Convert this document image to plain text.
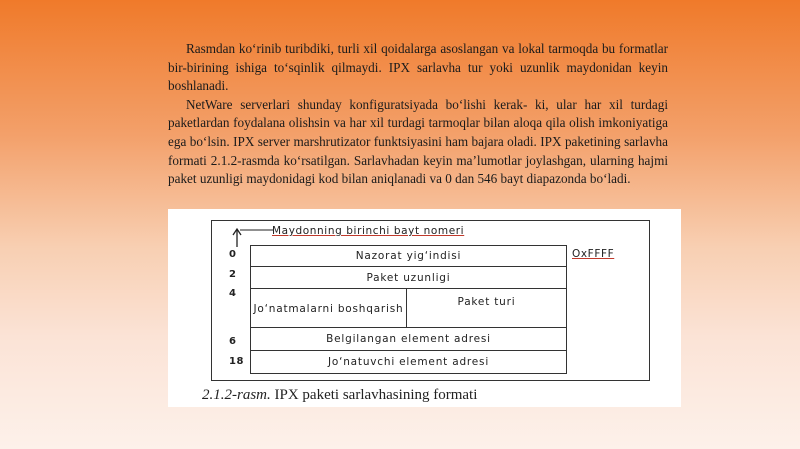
Rasmdan ko‘rinib turibdiki, turli xil qoidalarga asoslangan va lokal tarmoqda bu formatlar bir-birining ishiga to‘sqinlik qilmaydi. IPX sarlavha tur yoki uzunlik maydonidan keyin boshlanadi.

NetWare serverlari shunday konfiguratsiyada bo‘lishi kerak- ki, ular har xil turdagi paketlardan foydalana olishsin va har xil turdagi tarmoqlar bilan aloqa qila olish imkoniyatiga ega bo‘lsin. IPX server marshrutizator funktsiyasini ham bajara oladi. IPX paketining sarlavha formati 2.1.2-rasmda ko‘rsatilgan. Sarlavhadan keyin ma’lumotlar joylashgan, ularning hajmi paket uzunligi maydonidagi kod bilan aniqlanadi va 0 dan 546 bayt diapazonda bo‘ladi.

Maydonning birinchi bayt nomeri
OxFFFF
0
2
4
6
18
Nazorat yig‘indisi
Paket uzunligi
Jo‘natmalarni boshqarish
Paket turi
Belgilangan element adresi
Jo‘natuvchi element adresi
2.1.2-rasm. IPX paketi sarlavhasining formati
